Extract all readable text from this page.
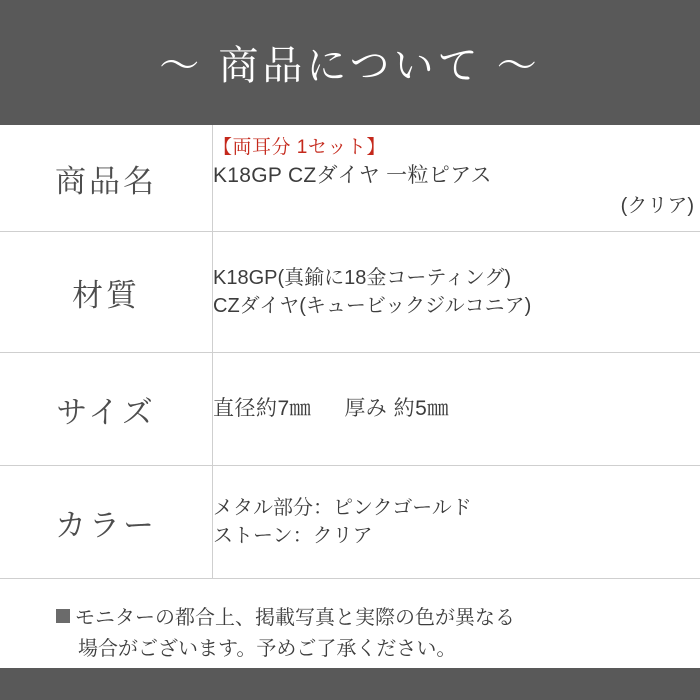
〜 商品について 〜
商品名	【両耳分 1セット】
K18GP CZダイヤ 一粒ピアス
(クリア)

材質	K18GP(真鍮に18金コーティング)
CZダイヤ(キュービックジルコニア)

サイズ	直径約7㎜ 厚み 約5㎜
カラー	メタル部分：ピンクゴールド
ストーン：クリア
モニターの都合上、掲載写真と実際の色が異なる
場合がございます。予めご了承ください。
